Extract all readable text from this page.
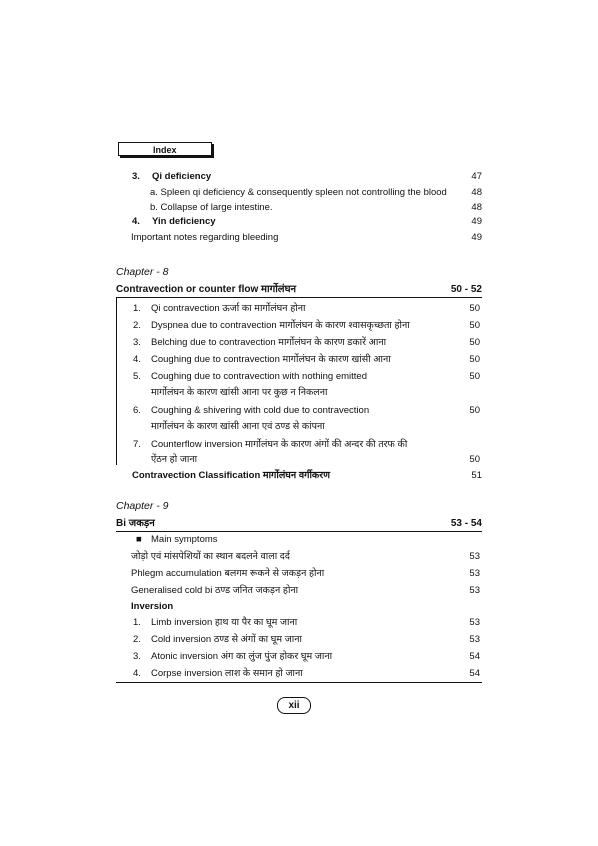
Index
3. Qi deficiency	47
a. Spleen qi deficiency & consequently spleen not controlling the blood	48
b. Collapse of large intestine.	48
4. Yin deficiency	49
Important notes regarding bleeding	49
Chapter - 8
Contravection or counter flow मार्गोलंघन	50 - 52
1. Qi contravection ऊर्जा का मार्गोलंघन होना	50
2. Dyspnea due to contravection मार्गोलंघन के कारण श्वासकृच्छता होना	50
3. Belching due to contravection मार्गोलंघन के कारण डकारें आना	50
4. Coughing due to contravection मार्गोलंघन के कारण खांसी आना	50
5. Coughing due to contravection with nothing emitted	50
मार्गोलंघन के कारण खांसी आना पर कुछ न निकलना
6. Coughing & shivering with cold due to contravection	50
मार्गोलंघन के कारण खांसी आना एवं ठण्ड से कांपना
7. Counterflow inversion मार्गोलंघन के कारण अंगों की अन्दर की तरफ की
ऐंठन हो जाना	50
Contravection Classification मार्गोलंघन वर्गीकरण	51
Chapter - 9
Bi जकड़न	53 - 54
■ Main symptoms
जोड़ो एवं मांसपेशियों का स्थान बदलने वाला दर्द	53
Phlegm accumulation बलगम रूकने से जकड़न होना	53
Generalised cold bi ठण्ड जनित जकड़न होना	53
Inversion
1. Limb inversion हाथ या पैर का घूम जाना	53
2. Cold inversion ठण्ड से अंगों का घूम जाना	53
3. Atonic inversion अंग का लुंज पुंज होकर घूम जाना	54
4. Corpse inversion लाश के समान हो जाना	54
xii
